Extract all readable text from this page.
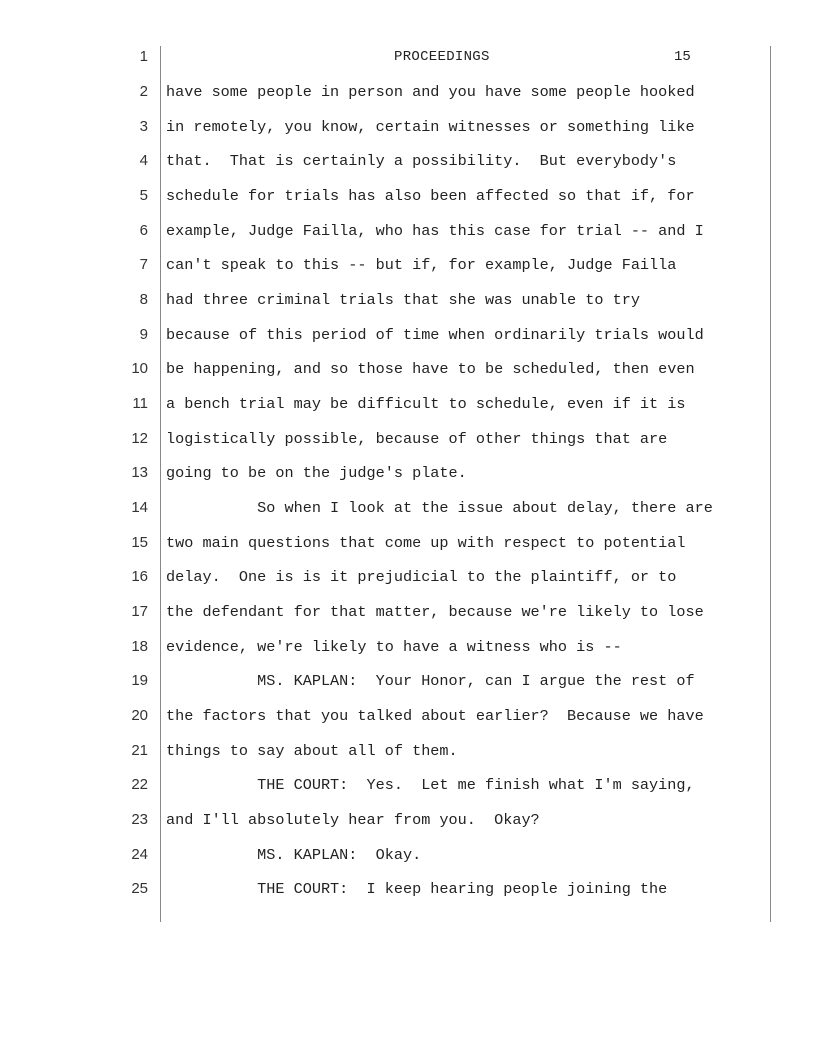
1	PROCEEDINGS	15
2 have some people in person and you have some people hooked
3 in remotely, you know, certain witnesses or something like
4 that.  That is certainly a possibility.  But everybody's
5 schedule for trials has also been affected so that if, for
6 example, Judge Failla, who has this case for trial -- and I
7 can't speak to this -- but if, for example, Judge Failla
8 had three criminal trials that she was unable to try
9 because of this period of time when ordinarily trials would
10 be happening, and so those have to be scheduled, then even
11 a bench trial may be difficult to schedule, even if it is
12 logistically possible, because of other things that are
13 going to be on the judge's plate.
14 So when I look at the issue about delay, there are
15 two main questions that come up with respect to potential
16 delay.  One is is it prejudicial to the plaintiff, or to
17 the defendant for that matter, because we're likely to lose
18 evidence, we're likely to have a witness who is --
19 MS. KAPLAN:  Your Honor, can I argue the rest of
20 the factors that you talked about earlier?  Because we have
21 things to say about all of them.
22 THE COURT:  Yes.  Let me finish what I'm saying,
23 and I'll absolutely hear from you.  Okay?
24 MS. KAPLAN:  Okay.
25 THE COURT:  I keep hearing people joining the
